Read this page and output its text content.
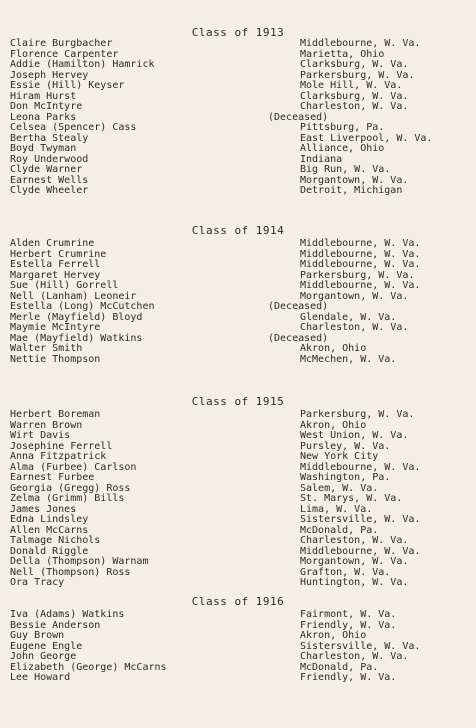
Class of 1913
Claire Burgbacher	Middlebourne, W. Va.
Florence Carpenter	Marietta, Ohio
Addie (Hamilton) Hamrick	Clarksburg, W. Va.
Joseph Hervey	Parkersburg, W. Va.
Essie (Hill) Keyser	Mole Hill, W. Va.
Hiram Hurst	Clarksburg, W. Va.
Don McIntyre	Charleston, W. Va.
Leona Parks	(Deceased)
Celsea (Spencer) Cass	Pittsburg, Pa.
Bertha Stealy	East Liverpool, W. Va.
Boyd Twyman	Alliance, Ohio
Roy Underwood	Indiana
Clyde Warner	Big Run, W. Va.
Earnest Wells	Morgantown, W. Va.
Clyde Wheeler	Detroit, Michigan
Class of 1914
Alden Crumrine	Middlebourne, W. Va.
Herbert Crumrine	Middlebourne, W. Va.
Estella Ferrell	Middlebourne, W. Va.
Margaret Hervey	Parkersburg, W. Va.
Sue (Hill) Gorrell	Middlebourne, W. Va.
Nell (Lanham) Leoneir	Morgantown, W. Va.
Estella (Long) McCutchen	(Deceased)
Merle (Mayfield) Bloyd	Glendale, W. Va.
Maymie McIntyre	Charleston, W. Va.
Mae (Mayfield) Watkins	(Deceased)
Walter Smith	Akron, Ohio
Nettie Thompson	McMechen, W. Va.
Class of 1915
Herbert Boreman	Parkersburg, W. Va.
Warren Brown	Akron, Ohio
Wirt Davis	West Union, W. Va.
Josephine Ferrell	Pursley, W. Va.
Anna Fitzpatrick	New York City
Alma (Furbee) Carlson	Middlebourne, W. Va.
Earnest Furbee	Washington, Pa.
Georgia (Gregg) Ross	Salem, W. Va.
Zelma (Grimm) Bills	St. Marys, W. Va.
James Jones	Lima, W. Va.
Edna Lindsley	Sistersville, W. Va.
Allen McCarns	McDonald, Pa.
Talmage Nichols	Charleston, W. Va.
Donald Riggle	Middlebourne, W. Va.
Della (Thompson) Warnam	Morgantown, W. Va.
Nell (Thompson) Ross	Grafton, W. Va.
Ora Tracy	Huntington, W. Va.
Class of 1916
Iva (Adams) Watkins	Fairmont, W. Va.
Bessie Anderson	Friendly, W. Va.
Guy Brown	Akron, Ohio
Eugene Engle	Sistersville, W. Va.
John George	Charleston, W. Va.
Elizabeth (George) McCarns	McDonald, Pa.
Lee Howard	Friendly, W. Va.
